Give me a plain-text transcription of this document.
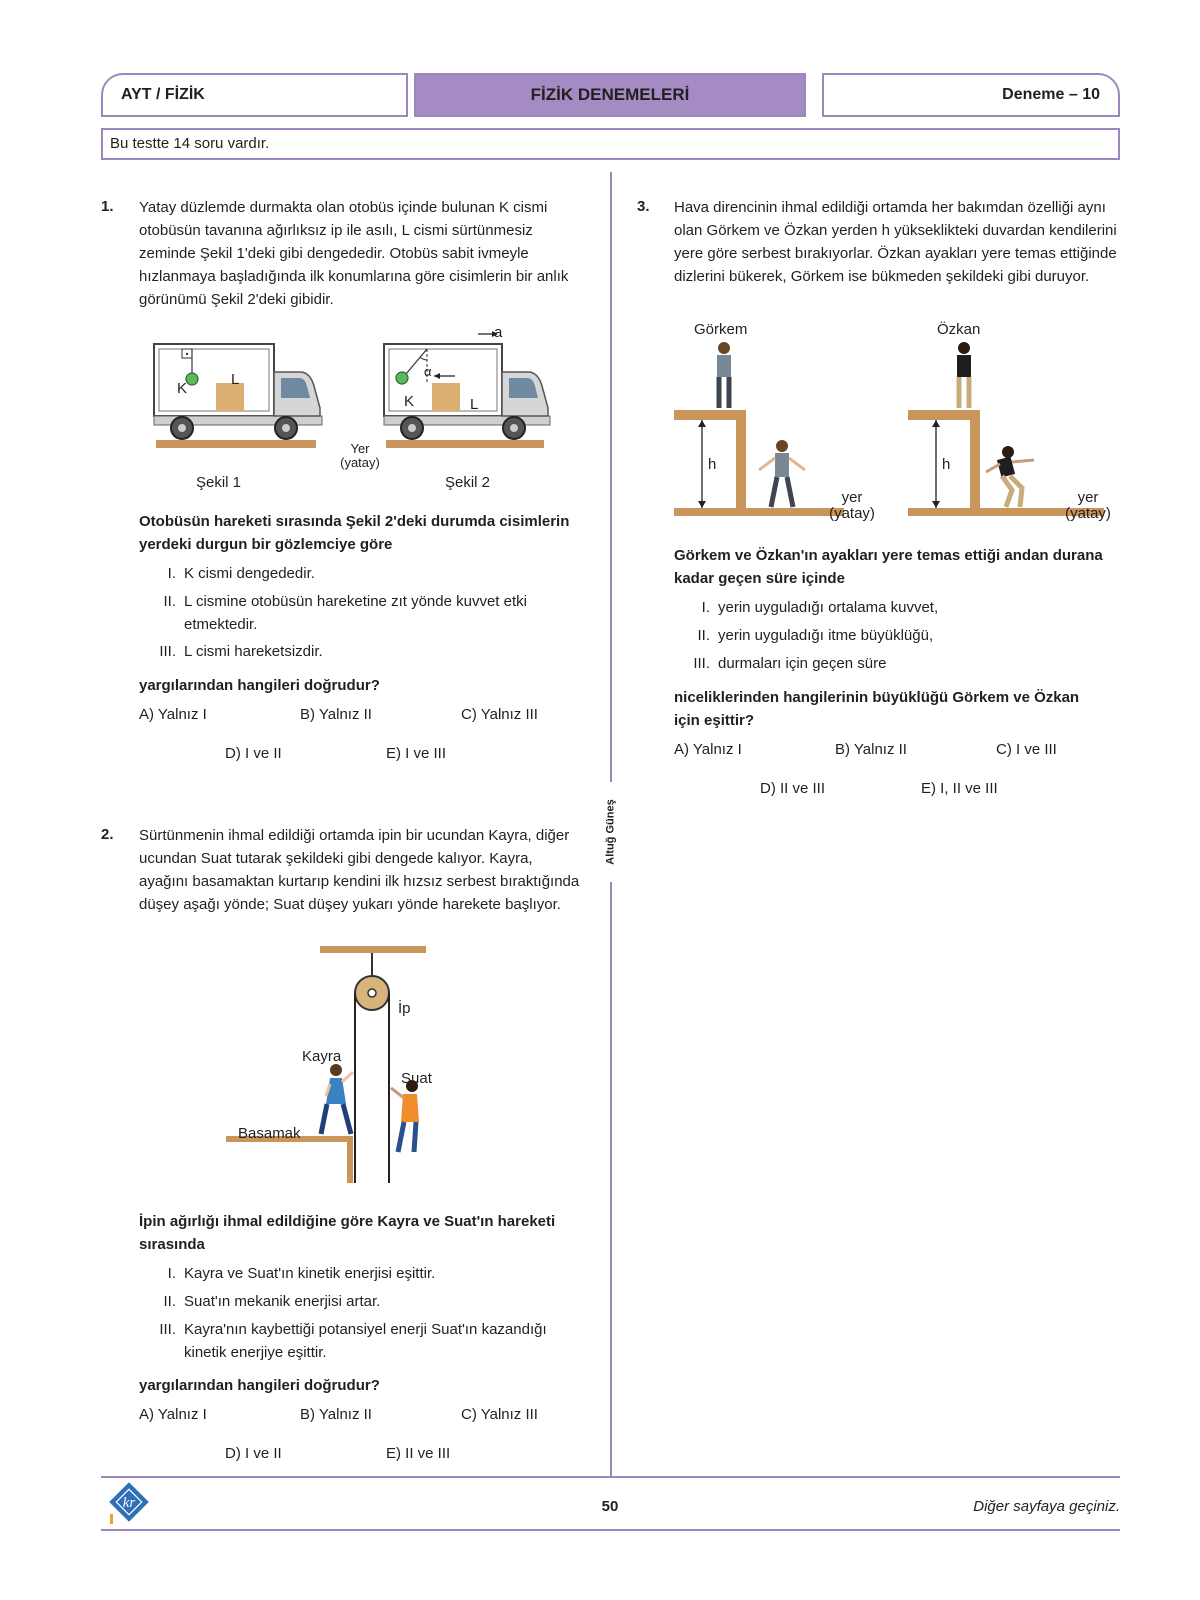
AYT / FİZİK	FİZİK DENEMELERİ	Deneme – 10
Bu testte 14 soru vardır.
Altuğ Güneş
1. Yatay düzlemde durmakta olan otobüs içinde bulunan K cismi otobüsün tavanına ağırlıksız ip ile asılı, L cismi sürtünmesiz zeminde Şekil 1'deki gibi dengededir. Otobüs sabit ivmeyle hızlanmaya başladığında ilk konumlarına göre cisimlerin bir anlık görünümü Şekil 2'deki gibidir.
K
L
K	L
a
α
Yer
(yatay)
Şekil 1	Şekil 2
Otobüsün hareketi sırasında Şekil 2'deki durumda cisimlerin yerdeki durgun bir gözlemciye göre
I. K cismi dengededir.
II. L cismine otobüsün hareketine zıt yönde kuvvet etki etmektedir.
III. L cismi hareketsizdir.
yargılarından hangileri doğrudur?
A) Yalnız I	B) Yalnız II	C) Yalnız III
D) I ve II	E) I ve III
2. Sürtünmenin ihmal edildiği ortamda ipin bir ucundan Kayra, diğer ucundan Suat tutarak şekildeki gibi dengede kalıyor. Kayra, ayağını basamaktan kurtarıp kendini ilk hızsız serbest bıraktığında düşey aşağı yönde; Suat düşey yukarı yönde harekete başlıyor.
İp
Kayra
Suat
Basamak
İpin ağırlığı ihmal edildiğine göre Kayra ve Suat'ın hareketi sırasında
I. Kayra ve Suat'ın kinetik enerjisi eşittir.
II. Suat'ın mekanik enerjisi artar.
III. Kayra'nın kaybettiği potansiyel enerji Suat'ın kazandığı kinetik enerjiye eşittir.
yargılarından hangileri doğrudur?
A) Yalnız I	B) Yalnız II	C) Yalnız III
D) I ve II	E) II ve III
3. Hava direncinin ihmal edildiği ortamda her bakımdan özelliği aynı olan Görkem ve Özkan yerden h yükseklikteki duvardan kendilerini yere göre serbest bırakıyorlar. Özkan ayakları yere temas ettiğinde dizlerini bükerek, Görkem ise bükmeden şekildeki gibi duruyor.
Görkem	Özkan
h	h
yer
(yatay)
yer
(yatay)
Görkem ve Özkan'ın ayakları yere temas ettiği andan durana kadar geçen süre içinde
I. yerin uyguladığı ortalama kuvvet,
II. yerin uyguladığı itme büyüklüğü,
III. durmaları için geçen süre
niceliklerinden hangilerinin büyüklüğü Görkem ve Özkan için eşittir?
A) Yalnız I	B) Yalnız II	C) I ve III
D) II ve III	E) I, II ve III
kr	50	Diğer sayfaya geçiniz.
